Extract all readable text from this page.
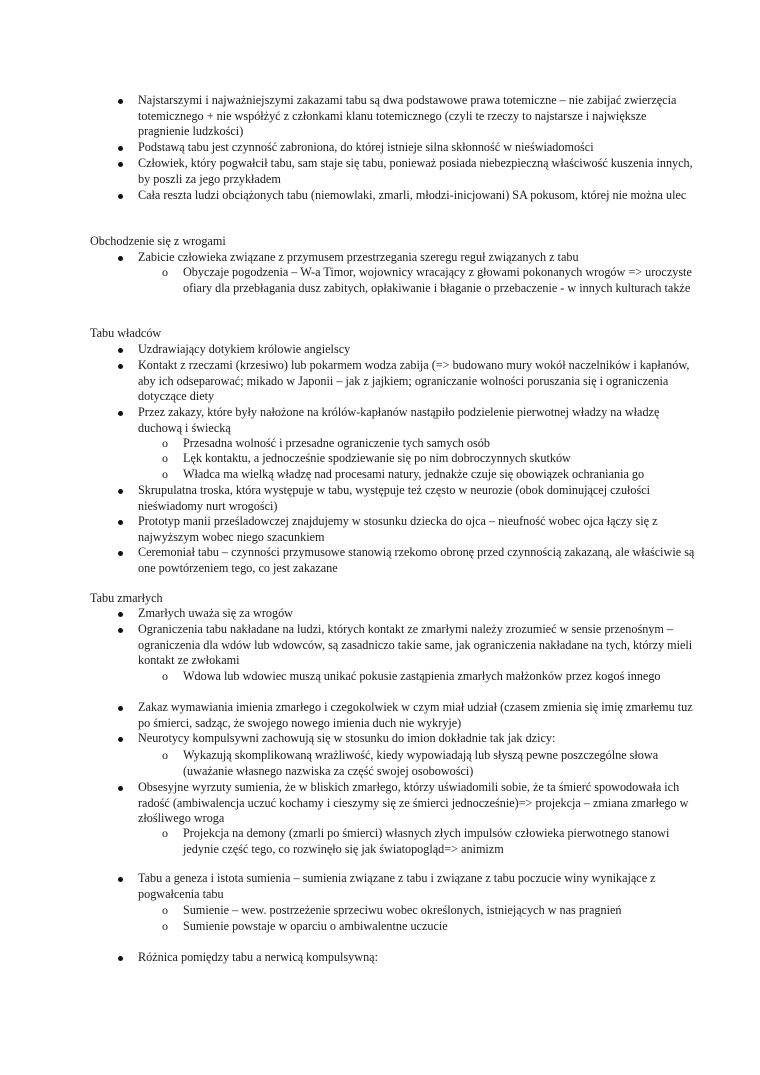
Najstarszymi i najważniejszymi zakazami tabu są dwa podstawowe prawa totemiczne – nie zabijać zwierzęcia totemicznego + nie współżyć z członkami klanu totemicznego (czyli te rzeczy to najstarsze i największe pragnienie ludzkości)
Podstawą tabu jest czynność zabroniona, do której istnieje silna skłonność w nieświadomości
Człowiek, który pogwałcił tabu, sam staje się tabu, ponieważ posiada niebezpieczną właściwość kuszenia innych, by poszli za jego przykładem
Cała reszta ludzi obciążonych tabu (niemowlaki, zmarli, młodzi-inicjowani) SA pokusom, której nie można ulec
Obchodzenie się z wrogami
Zabicie człowieka związane z przymusem przestrzegania szeregu reguł związanych z tabu
o Obyczaje pogodzenia – W-a Timor, wojownicy wracający z głowami pokonanych wrogów => uroczyste ofiary dla przebłagania dusz zabitych, opłakiwanie i błaganie o przebaczenie - w innych kulturach także
Tabu władców
Uzdrawiający dotykiem królowie angielscy
Kontakt z rzeczami (krzesiwo) lub pokarmem wodza zabija (=> budowano mury wokół naczelników i kapłanów, aby ich odseparować; mikado w Japonii – jak z jajkiem; ograniczanie wolności poruszania się i ograniczenia dotyczące diety
Przez zakazy, które były nałożone na królów-kapłanów nastąpiło podzielenie pierwotnej władzy na władzę duchową i świecką
o Przesadna wolność i przesadne ograniczenie tych samych osób
o Lęk kontaktu, a jednocześnie spodziewanie się po nim dobroczynnych skutków
o Władca ma wielką władzę nad procesami natury, jednakże czuje się obowiązek ochraniania go
Skrupulatna troska, która występuje w tabu, występuje też często w neurozie (obok dominującej czułości nieświadomy nurt wrogości)
Prototyp manii prześladowczej znajdujemy w stosunku dziecka do ojca – nieufność wobec ojca łączy się z najwyższym wobec niego szacunkiem
Ceremoniał tabu – czynności przymusowe stanowią rzekomo obronę przed czynnością zakazaną, ale właściwie są one powtórzeniem tego, co jest zakazane
Tabu zmarłych
Zmarłych uważa się za wrogów
Ograniczenia tabu nakładane na ludzi, których kontakt ze zmarłymi należy zrozumieć w sensie przenośnym – ograniczenia dla wdów lub wdowców, są zasadniczo takie same, jak ograniczenia nakładane na tych, którzy mieli kontakt ze zwłokami
o Wdowa lub wdowiec muszą unikać pokusie zastąpienia zmarłych małżonków przez kogoś innego
Zakaz wymawiania imienia zmarłego i czegokolwiek w czym miał udział (czasem zmienia się imię zmarłemu tuz po śmierci, sadząc, że swojego nowego imienia duch nie wykryje)
Neurotycy kompulsywni zachowują się w stosunku do imion dokładnie tak jak dzicy:
o Wykazują skomplikowaną wrażliwość, kiedy wypowiadają lub słyszą pewne poszczególne słowa (uważanie własnego nazwiska za część swojej osobowości)
Obsesyjne wyrzuty sumienia, że w bliskich zmarłego, którzy uświadomili sobie, że ta śmierć spowodowała ich radość (ambiwalencja uczuć kochamy i cieszymy się ze śmierci jednocześnie)=> projekcja – zmiana zmarłego w złośliwego wroga
o Projekcja na demony (zmarli po śmierci) własnych złych impulsów człowieka pierwotnego stanowi jedynie część tego, co rozwinęło się jak światopogląd=> animizm
Tabu a geneza i istota sumienia – sumienia związane z tabu i związane z tabu poczucie winy wynikające z pogwałcenia tabu
o Sumienie – wew. postrzeżenie sprzeciwu wobec określonych, istniejących w nas pragnień
o Sumienie powstaje w oparciu o ambiwalentne uczucie
Różnica pomiędzy tabu a nerwicą kompulsywną:
